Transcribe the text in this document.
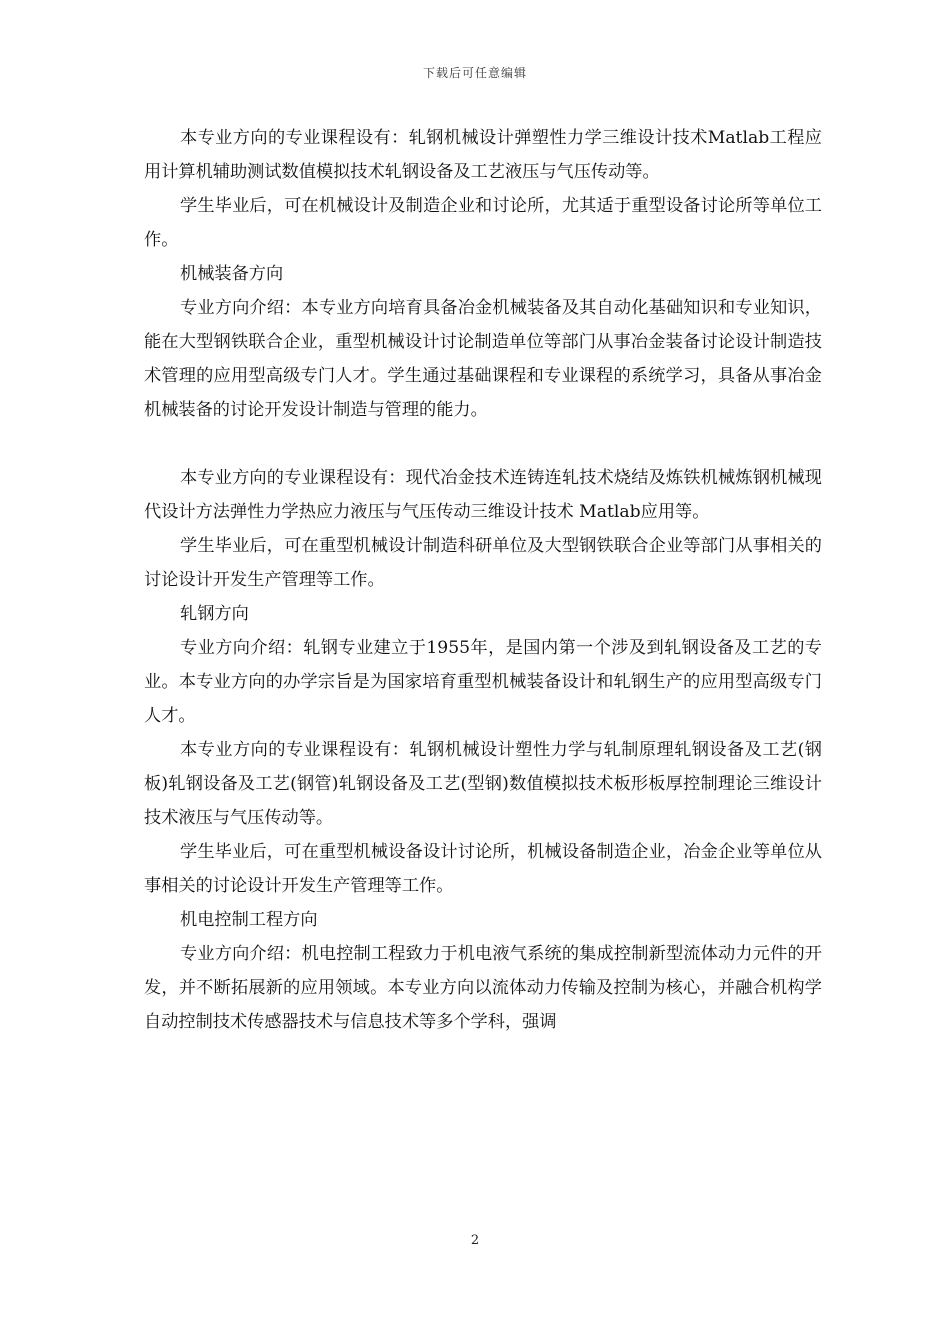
下载后可任意编辑

本专业方向的专业课程设有：轧钢机械设计弹塑性力学三维设计技术Matlab工程应用计算机辅助测试数值模拟技术轧钢设备及工艺液压与气压传动等。

学生毕业后，可在机械设计及制造企业和讨论所，尤其适于重型设备讨论所等单位工作。

机械装备方向

专业方向介绍：本专业方向培育具备冶金机械装备及其自动化基础知识和专业知识，能在大型钢铁联合企业，重型机械设计讨论制造单位等部门从事冶金装备讨论设计制造技术管理的应用型高级专门人才。学生通过基础课程和专业课程的系统学习，具备从事冶金机械装备的讨论开发设计制造与管理的能力。

本专业方向的专业课程设有：现代冶金技术连铸连轧技术烧结及炼铁机械炼钢机械现代设计方法弹性力学热应力液压与气压传动三维设计技术 Matlab应用等。

学生毕业后，可在重型机械设计制造科研单位及大型钢铁联合企业等部门从事相关的讨论设计开发生产管理等工作。

轧钢方向

专业方向介绍：轧钢专业建立于1955年，是国内第一个涉及到轧钢设备及工艺的专业。本专业方向的办学宗旨是为国家培育重型机械装备设计和轧钢生产的应用型高级专门人才。

本专业方向的专业课程设有：轧钢机械设计塑性力学与轧制原理轧钢设备及工艺(钢板)轧钢设备及工艺(钢管)轧钢设备及工艺(型钢)数值模拟技术板形板厚控制理论三维设计技术液压与气压传动等。

学生毕业后，可在重型机械设备设计讨论所，机械设备制造企业，冶金企业等单位从事相关的讨论设计开发生产管理等工作。

机电控制工程方向

专业方向介绍：机电控制工程致力于机电液气系统的集成控制新型流体动力元件的开发，并不断拓展新的应用领域。本专业方向以流体动力传输及控制为核心，并融合机构学自动控制技术传感器技术与信息技术等多个学科，强调

2
